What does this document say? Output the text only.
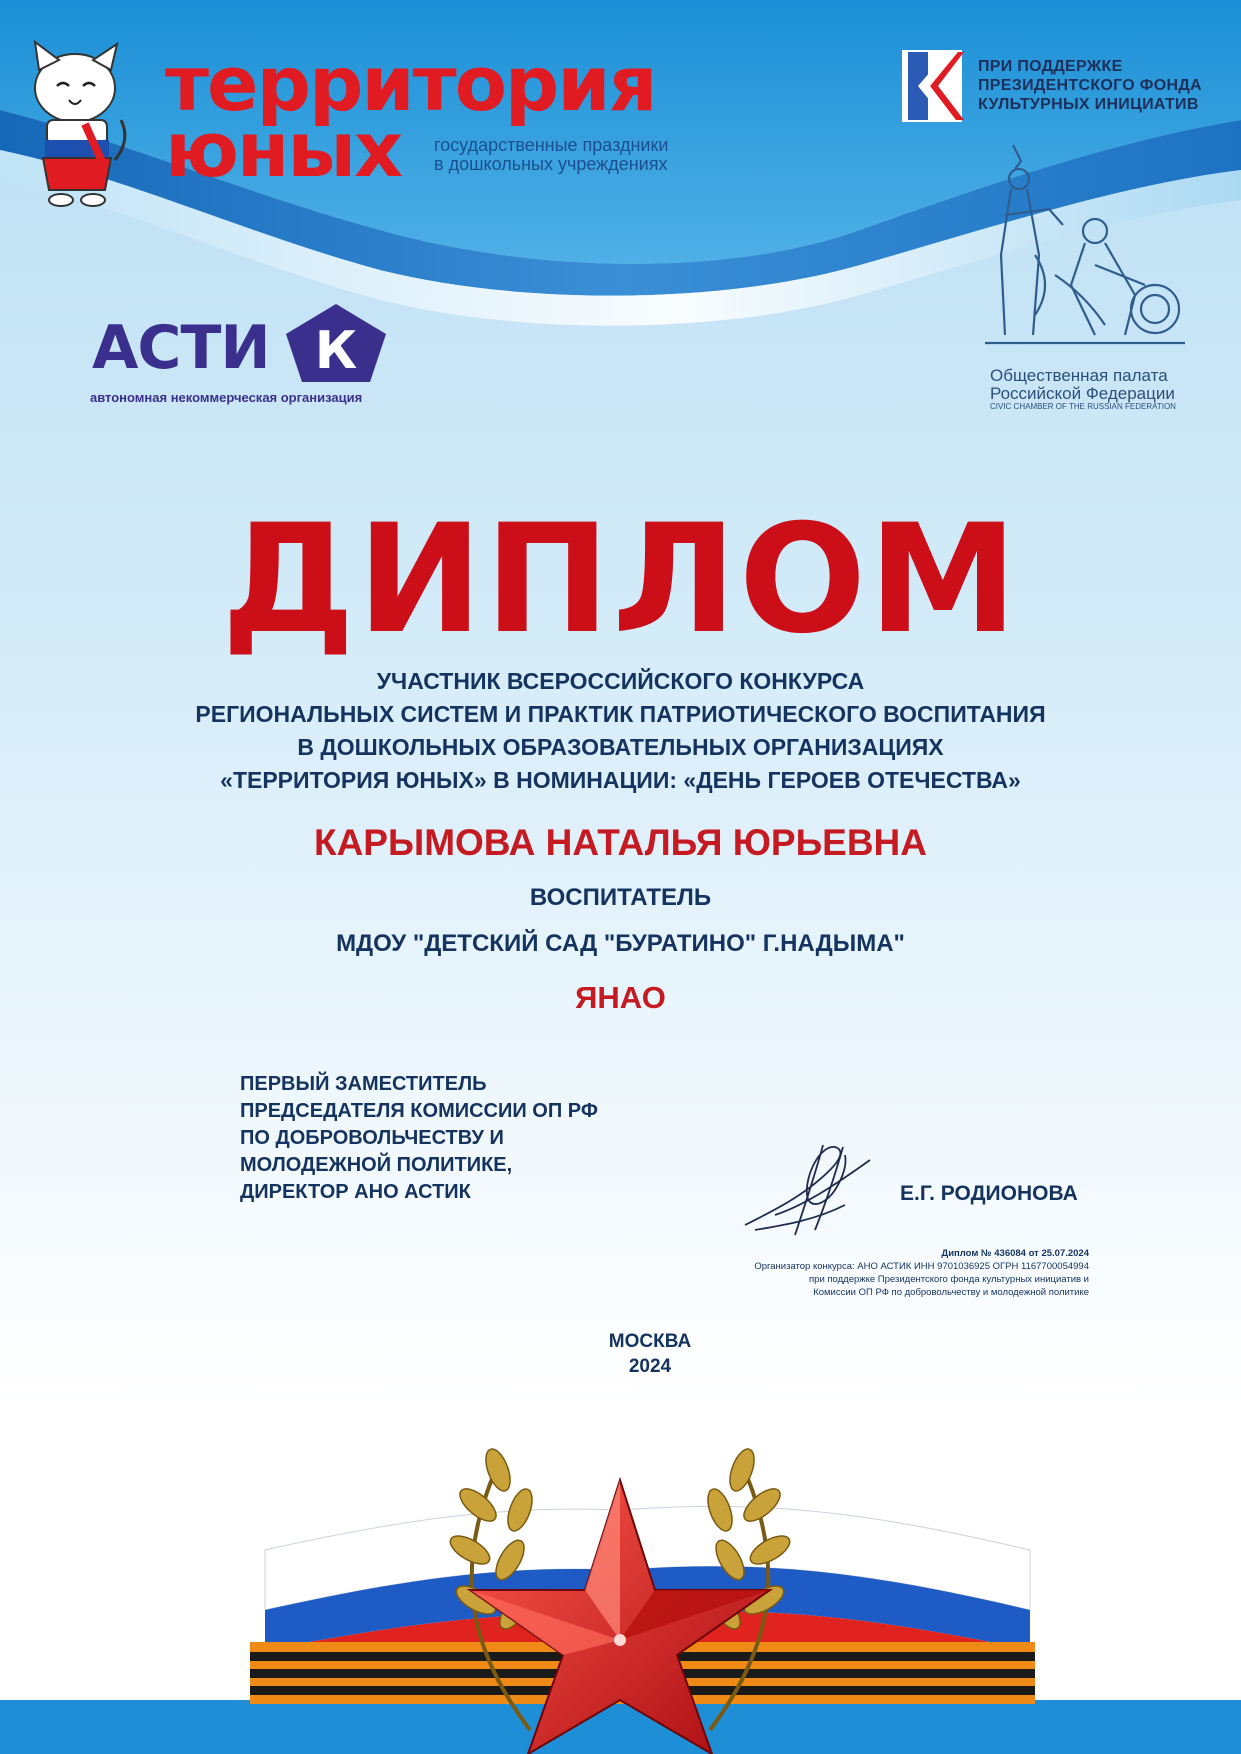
территория
юных государственные праздники
в дошкольных учреждениях
ПРИ ПОДДЕРЖКЕ
ПРЕЗИДЕНТСКОГО ФОНДА
КУЛЬТУРНЫХ ИНИЦИАТИВ
Общественная палата
Российской Федерации
CIVIC CHAMBER OF THE RUSSIAN FEDERATION
АСТИ
автономная некоммерческая организация
ДИПЛОМ
УЧАСТНИК ВСЕРОССИЙСКОГО КОНКУРСА
РЕГИОНАЛЬНЫХ СИСТЕМ И ПРАКТИК ПАТРИОТИЧЕСКОГО ВОСПИТАНИЯ
В ДОШКОЛЬНЫХ ОБРАЗОВАТЕЛЬНЫХ ОРГАНИЗАЦИЯХ
«ТЕРРИТОРИЯ ЮНЫХ» В НОМИНАЦИИ: «ДЕНЬ ГЕРОЕВ ОТЕЧЕСТВА»
КАРЫМОВА НАТАЛЬЯ ЮРЬЕВНА
ВОСПИТАТЕЛЬ
МДОУ "ДЕТСКИЙ САД "БУРАТИНО" Г.НАДЫМА"
ЯНАО
ПЕРВЫЙ ЗАМЕСТИТЕЛЬ
ПРЕДСЕДАТЕЛЯ КОМИССИИ ОП РФ
ПО ДОБРОВОЛЬЧЕСТВУ И
МОЛОДЕЖНОЙ ПОЛИТИКЕ,
ДИРЕКТОР АНО АСТИК	Е.Г. РОДИОНОВА
Диплом № 436084 от 25.07.2024
Организатор конкурса: АНО АСТИК ИНН 9701036925 ОГРН 1167700054994
при поддержке Президентского фонда культурных инициатив и
Комиссии ОП РФ по добровольчеству и молодежной политике
МОСКВА
2024
К
